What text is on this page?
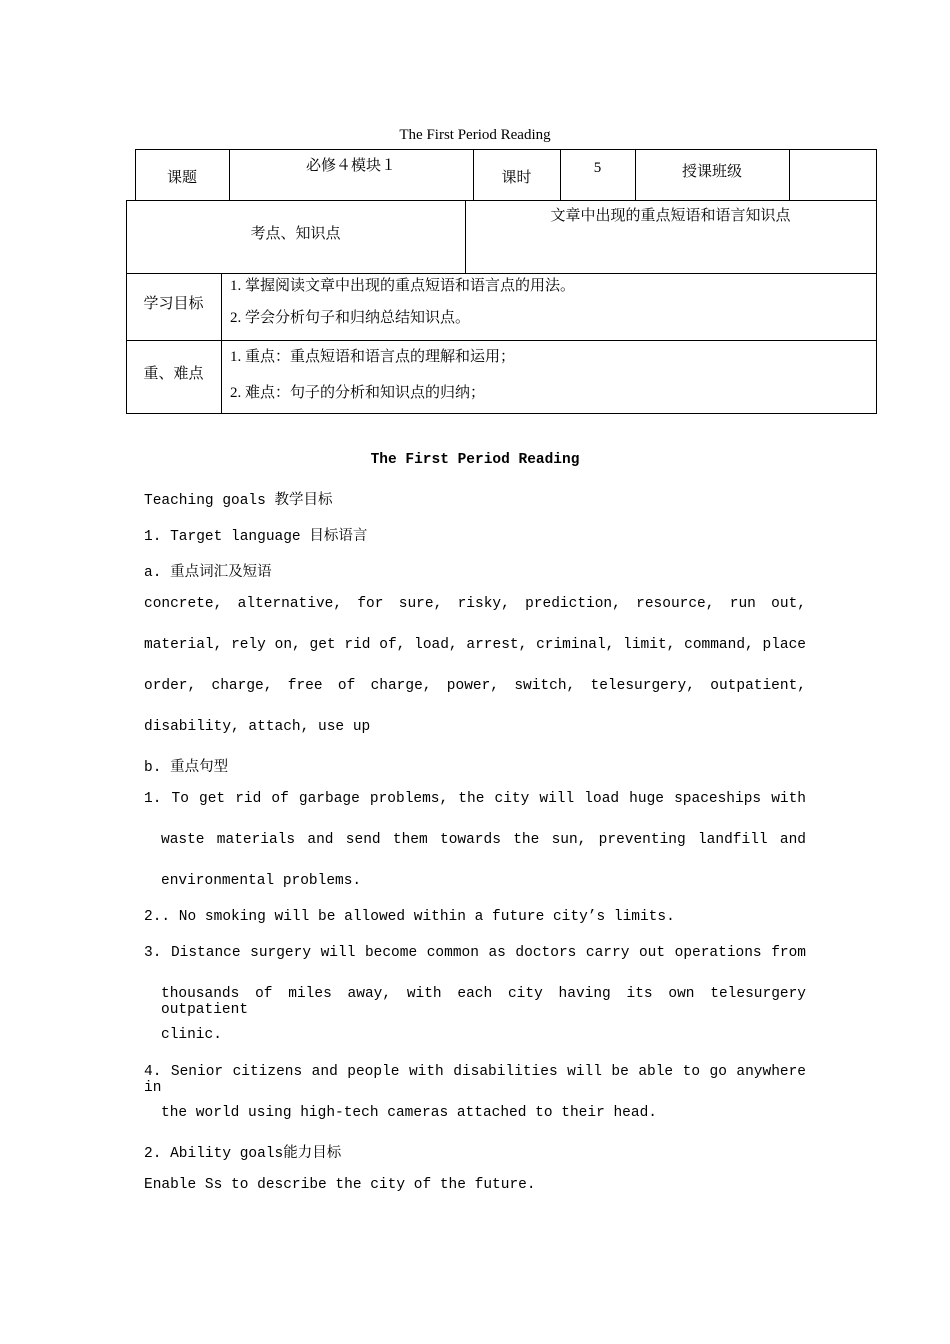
The First Period Reading
课题
必修４模块１
课时
5	授课班级
考点、知识点
文章中出现的重点短语和语言知识点
学习目标
1. 掌握阅读文章中出现的重点短语和语言点的用法。
2. 学会分析句子和归纳总结知识点。
重、难点
1. 重点：重点短语和语言点的理解和运用；
2. 难点：句子的分析和知识点的归纳；
The First Period Reading
Teaching goals 教学目标
1. Target language 目标语言
a. 重点词汇及短语
concrete, alternative, for sure, risky, prediction, resource, run out,
material, rely on, get rid of, load, arrest, criminal, limit, command, place
order, charge, free of charge, power, switch, telesurgery, outpatient,
disability, attach, use up
b. 重点句型
1. To get rid of garbage problems, the city will load huge spaceships with
waste materials and send them towards the sun, preventing landfill and
environmental problems.
2.. No smoking will be allowed within a future city’s limits.
3. Distance surgery will become common as doctors carry out operations from
thousands of miles away, with each city having its own telesurgery outpatient
clinic.
4. Senior citizens and people with disabilities will be able to go anywhere in
the world using high-tech cameras attached to their head.
2. Ability goals能力目标
Enable Ss to describe the city of the future.
